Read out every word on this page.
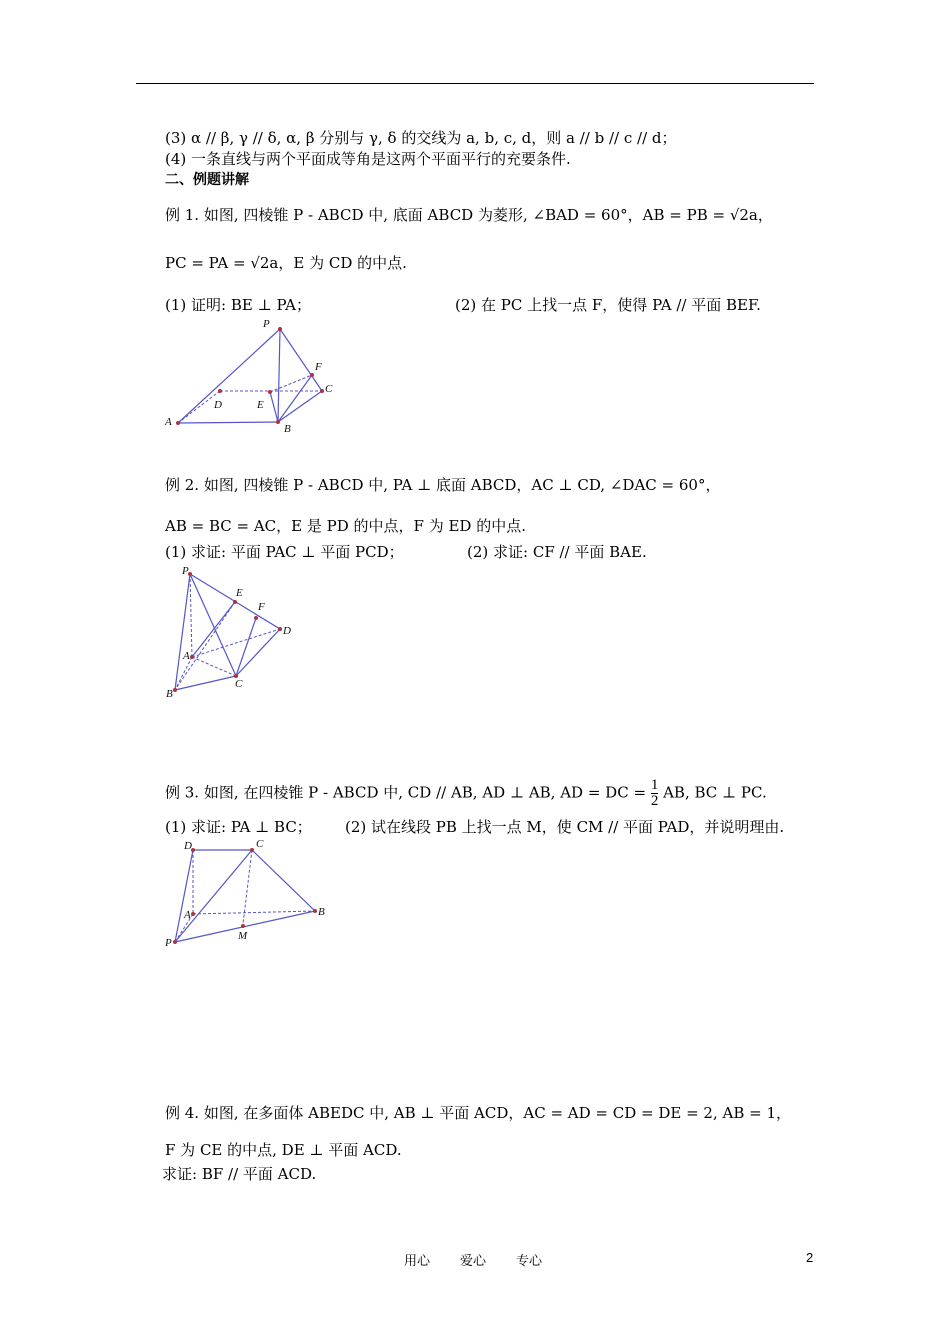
(3) α // β, γ // δ, α, β 分别与 γ, δ 的交线为 a, b, c, d，则 a // b // c // d；
(4) 一条直线与两个平面成等角是这两个平面平行的充要条件.
二、例题讲解
例 1. 如图, 四棱锥 P - ABCD 中, 底面 ABCD 为菱形, ∠BAD = 60°，AB = PB = √2a，
PC = PA = √2a，E 为 CD 的中点.
(1) 证明: BE ⊥ PA；	(2) 在 PC 上找一点 F，使得 PA // 平面 BEF.
P
F
C
D	E
A
B
例 2. 如图, 四棱锥 P - ABCD 中, PA ⊥ 底面 ABCD，AC ⊥ CD, ∠DAC = 60°，
AB = BC = AC，E 是 PD 的中点，F 为 ED 的中点.
(1) 求证: 平面 PAC ⊥ 平面 PCD；	(2) 求证: CF // 平面 BAE.
P
E
F
D
A
C
B
例 3. 如图, 在四棱锥 P - ABCD 中, CD // AB, AD ⊥ AB, AD = DC = $\frac{1}{2}$ AB, BC ⊥ PC.
(1) 求证: PA ⊥ BC； (2) 试在线段 PB 上找一点 M，使 CM // 平面 PAD，并说明理由.
D	C
A	B
P
M
例 4. 如图, 在多面体 ABEDC 中, AB ⊥ 平面 ACD，AC = AD = CD = DE = 2, AB = 1，
F 为 CE 的中点, DE ⊥ 平面 ACD.
求证: BF // 平面 ACD.
用心 爱心 专心	2
